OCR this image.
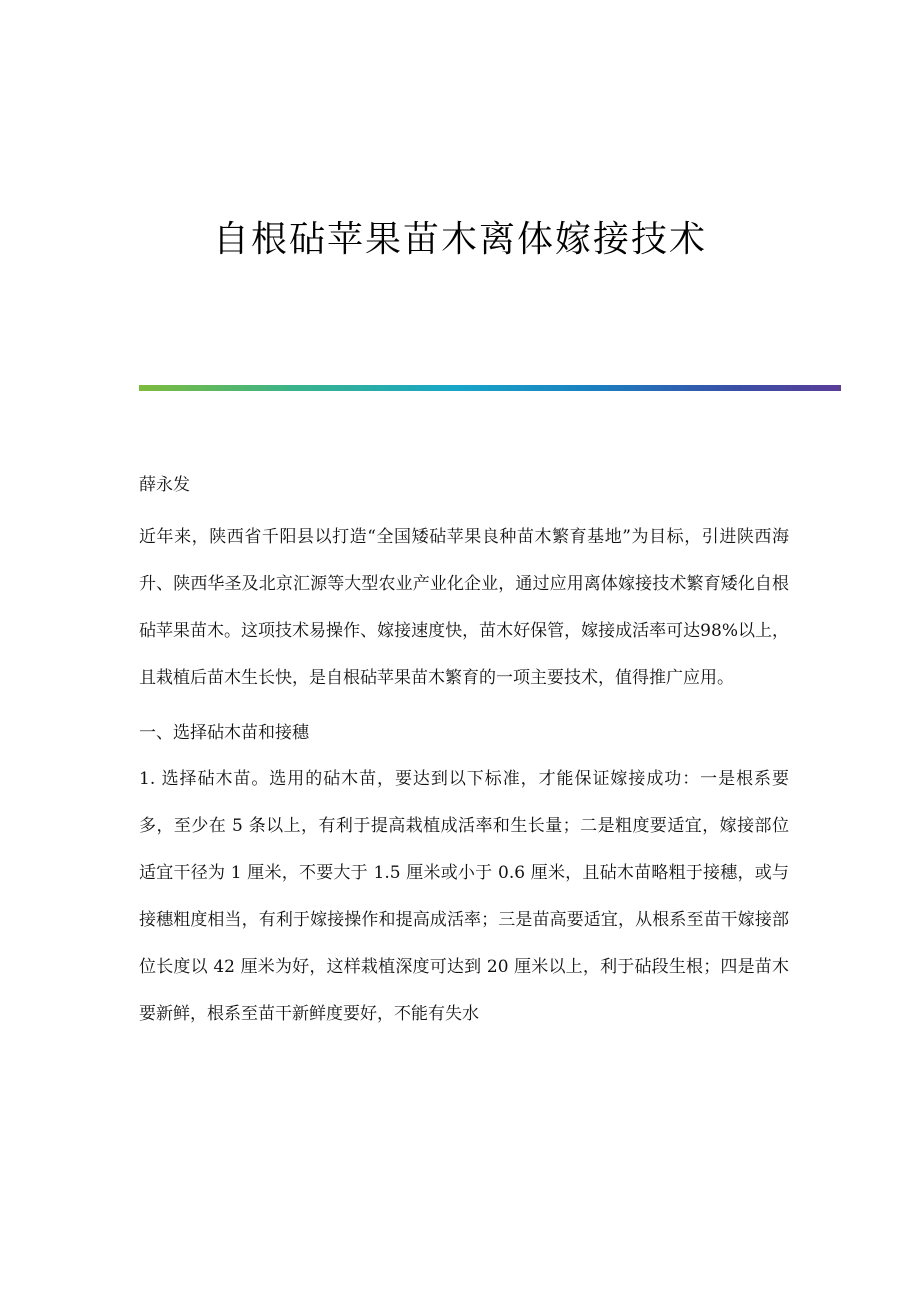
自根砧苹果苗木离体嫁接技术

薛永发

近年来，陕西省千阳县以打造“全国矮砧苹果良种苗木繁育基地”为目标，引进陕西海升、陕西华圣及北京汇源等大型农业产业化企业，通过应用离体嫁接技术繁育矮化自根砧苹果苗木。这项技术易操作、嫁接速度快，苗木好保管，嫁接成活率可达98%以上，且栽植后苗木生长快，是自根砧苹果苗木繁育的一项主要技术，值得推广应用。

一、选择砧木苗和接穗

1. 选择砧木苗。选用的砧木苗，要达到以下标准，才能保证嫁接成功：一是根系要多，至少在 5 条以上，有利于提高栽植成活率和生长量；二是粗度要适宜，嫁接部位适宜干径为 1 厘米，不要大于 1.5 厘米或小于 0.6 厘米，且砧木苗略粗于接穗，或与接穗粗度相当，有利于嫁接操作和提高成活率；三是苗高要适宜，从根系至苗干嫁接部位长度以 42 厘米为好，这样栽植深度可达到 20 厘米以上，利于砧段生根；四是苗木要新鲜，根系至苗干新鲜度要好，不能有失水
